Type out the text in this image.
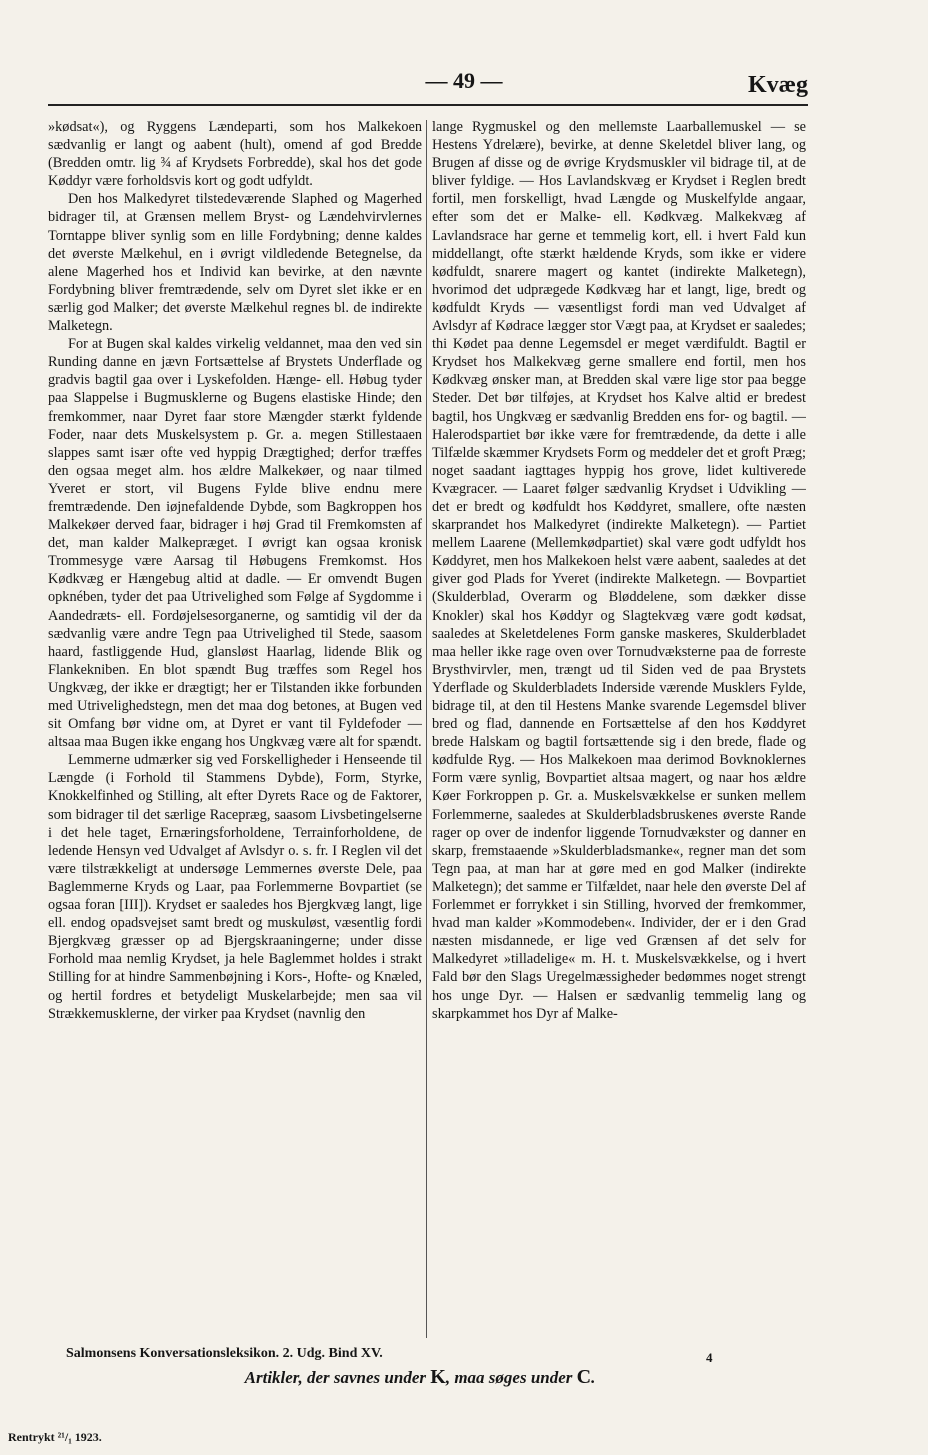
— 49 —	Kvæg

»kødsat«), og Ryggens Lændeparti, som hos Malkekoen sædvanlig er langt og aabent (hult), omend af god Bredde (Bredden omtr. lig ¾ af Krydsets Forbredde), skal hos det gode Køddyr være forholdsvis kort og godt udfyldt.

Den hos Malkedyret tilstedeværende Slaphed og Magerhed bidrager til, at Grænsen mellem Bryst- og Lændehvirvlernes Torntappe bliver synlig som en lille Fordybning; denne kaldes det øverste Mælkehul, en i øvrigt vildledende Betegnelse, da alene Magerhed hos et Individ kan bevirke, at den nævnte Fordybning bliver fremtrædende, selv om Dyret slet ikke er en særlig god Malker; det øverste Mælkehul regnes bl. de indirekte Malketegn.

For at Bugen skal kaldes virkelig veldannet, maa den ved sin Runding danne en jævn Fortsættelse af Brystets Underflade og gradvis bagtil gaa over i Lyskefolden. Hænge- ell. Høbug tyder paa Slappelse i Bugmusklerne og Bugens elastiske Hinde; den fremkommer, naar Dyret faar store Mængder stærkt fyldende Foder, naar dets Muskelsystem p. Gr. a. megen Stillestaaen slappes samt især ofte ved hyppig Drægtighed; derfor træffes den ogsaa meget alm. hos ældre Malkekøer, og naar tilmed Yveret er stort, vil Bugens Fylde blive endnu mere fremtrædende. Den iøjnefaldende Dybde, som Bagkroppen hos Malkekøer derved faar, bidrager i høj Grad til Fremkomsten af det, man kalder Malkepræget. I øvrigt kan ogsaa kronisk Trommesyge være Aarsag til Høbugens Fremkomst. Hos Kødkvæg er Hængebug altid at dadle. — Er omvendt Bugen opknében, tyder det paa Utrivelighed som Følge af Sygdomme i Aandedræts- ell. Fordøjelsesorganerne, og samtidig vil der da sædvanlig være andre Tegn paa Utrivelighed til Stede, saasom haard, fastliggende Hud, glansløst Haarlag, lidende Blik og Flankekniben. En blot spændt Bug træffes som Regel hos Ungkvæg, der ikke er drægtigt; her er Tilstanden ikke forbunden med Utrivelighedstegn, men det maa dog betones, at Bugen ved sit Omfang bør vidne om, at Dyret er vant til Fyldefoder — altsaa maa Bugen ikke engang hos Ungkvæg være alt for spændt.

Lemmerne udmærker sig ved Forskelligheder i Henseende til Længde (i Forhold til Stammens Dybde), Form, Styrke, Knokkelfinhed og Stilling, alt efter Dyrets Race og de Faktorer, som bidrager til det særlige Racepræg, saasom Livsbetingelserne i det hele taget, Ernæringsforholdene, Terrainforholdene, de ledende Hensyn ved Udvalget af Avlsdyr o. s. fr. I Reglen vil det være tilstrækkeligt at undersøge Lemmernes øverste Dele, paa Baglemmerne Kryds og Laar, paa Forlemmerne Bovpartiet (se ogsaa foran [III]). Krydset er saaledes hos Bjergkvæg langt, lige ell. endog opadsvejset samt bredt og muskuløst, væsentlig fordi Bjergkvæg græsser op ad Bjergskraaningerne; under disse Forhold maa nemlig Krydset, ja hele Baglemmet holdes i strakt Stilling for at hindre Sammenbøjning i Kors-, Hofte- og Knæled, og hertil fordres et betydeligt Muskelarbejde; men saa vil Strækkemusklerne, der virker paa Krydset (navnlig den

lange Rygmuskel og den mellemste Laarballemuskel — se Hestens Ydrelære), bevirke, at denne Skeletdel bliver lang, og Brugen af disse og de øvrige Krydsmuskler vil bidrage til, at de bliver fyldige. — Hos Lavlandskvæg er Krydset i Reglen bredt fortil, men forskelligt, hvad Længde og Muskelfylde angaar, efter som det er Malke- ell. Kødkvæg. Malkekvæg af Lavlandsrace har gerne et temmelig kort, ell. i hvert Fald kun middellangt, ofte stærkt hældende Kryds, som ikke er videre kødfuldt, snarere magert og kantet (indirekte Malketegn), hvorimod det udprægede Kødkvæg har et langt, lige, bredt og kødfuldt Kryds — væsentligst fordi man ved Udvalget af Avlsdyr af Kødrace lægger stor Vægt paa, at Krydset er saaledes; thi Kødet paa denne Legemsdel er meget værdifuldt. Bagtil er Krydset hos Malkekvæg gerne smallere end fortil, men hos Kødkvæg ønsker man, at Bredden skal være lige stor paa begge Steder. Det bør tilføjes, at Krydset hos Kalve altid er bredest bagtil, hos Ungkvæg er sædvanlig Bredden ens for- og bagtil. — Halerodspartiet bør ikke være for fremtrædende, da dette i alle Tilfælde skæmmer Krydsets Form og meddeler det et groft Præg; noget saadant iagttages hyppig hos grove, lidet kultiverede Kvægracer. — Laaret følger sædvanlig Krydset i Udvikling — det er bredt og kødfuldt hos Køddyret, smallere, ofte næsten skarprandet hos Malkedyret (indirekte Malketegn). — Partiet mellem Laarene (Mellemkødpartiet) skal være godt udfyldt hos Køddyret, men hos Malkekoen helst være aabent, saaledes at det giver god Plads for Yveret (indirekte Malketegn. — Bovpartiet (Skulderblad, Overarm og Bløddelene, som dækker disse Knokler) skal hos Køddyr og Slagtekvæg være godt kødsat, saaledes at Skeletdelenes Form ganske maskeres, Skulderbladet maa heller ikke rage oven over Tornudvæksterne paa de forreste Brysthvirvler, men, trængt ud til Siden ved de paa Brystets Yderflade og Skulderbladets Inderside værende Musklers Fylde, bidrage til, at den til Hestens Manke svarende Legemsdel bliver bred og flad, dannende en Fortsættelse af den hos Køddyret brede Halskam og bagtil fortsættende sig i den brede, flade og kødfulde Ryg. — Hos Malkekoen maa derimod Bovknoklernes Form være synlig, Bovpartiet altsaa magert, og naar hos ældre Køer Forkroppen p. Gr. a. Muskelsvækkelse er sunken mellem Forlemmerne, saaledes at Skulderbladsbruskenes øverste Rande rager op over de indenfor liggende Tornudvækster og danner en skarp, fremstaaende »Skulderbladsmanke«, regner man det som Tegn paa, at man har at gøre med en god Malker (indirekte Malketegn); det samme er Tilfældet, naar hele den øverste Del af Forlemmet er forrykket i sin Stilling, hvorved der fremkommer, hvad man kalder »Kommodeben«. Individer, der er i den Grad næsten misdannede, er lige ved Grænsen af det selv for Malkedyret »tilladelige« m. H. t. Muskelsvækkelse, og i hvert Fald bør den Slags Uregelmæssigheder bedømmes noget strengt hos unge Dyr. — Halsen er sædvanlig temmelig lang og skarpkammet hos Dyr af Malke-

Salmonsens Konversationsleksikon. 2. Udg. Bind XV.	4
Artikler, der savnes under K, maa søges under C.
Rentrykt ²¹/₁ 1923.
